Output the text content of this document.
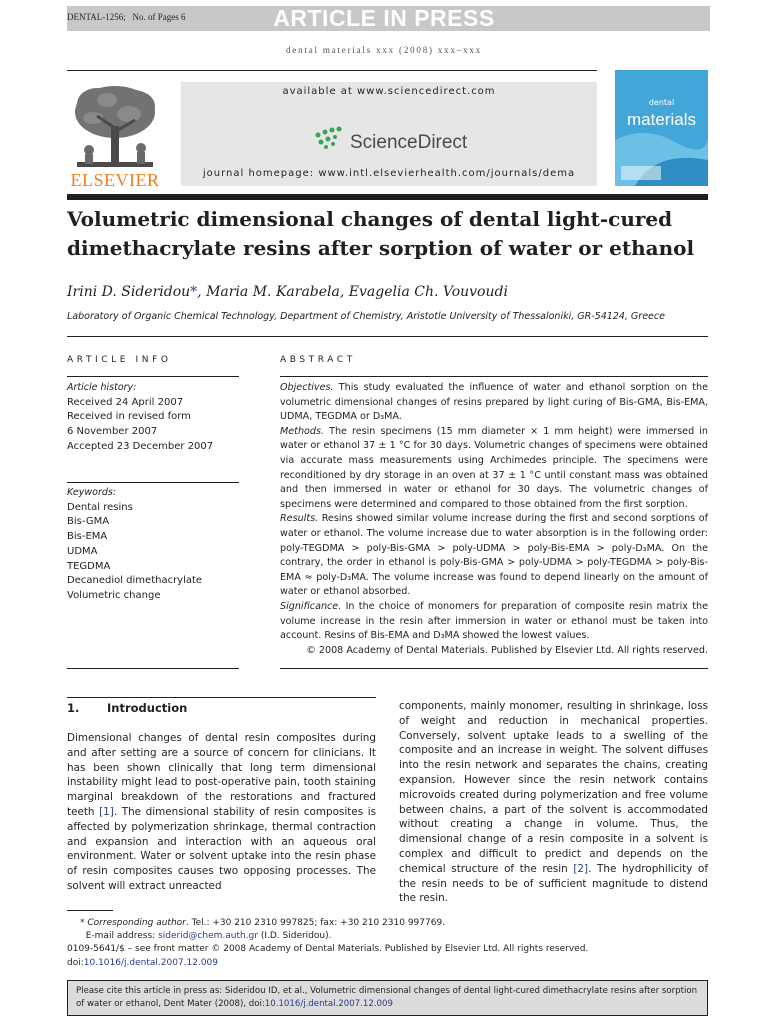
DENTAL-1256; No. of Pages 6	ARTICLE IN PRESS
dental materials xxx (2008) xxx–xxx
ELSEVIER
available at www.sciencedirect.com
ScienceDirect
journal homepage: www.intl.elsevierhealth.com/journals/dema
dental
materials
Volumetric dimensional changes of dental light-cured dimethacrylate resins after sorption of water or ethanol
Irini D. Sideridou*, Maria M. Karabela, Evagelia Ch. Vouvoudi
Laboratory of Organic Chemical Technology, Department of Chemistry, Aristotle University of Thessaloniki, GR-54124, Greece
ARTICLE INFO
Article history:
Received 24 April 2007
Received in revised form
6 November 2007
Accepted 23 December 2007
Keywords:
Dental resins
Bis-GMA
Bis-EMA
UDMA
TEGDMA
Decanediol dimethacrylate
Volumetric change
ABSTRACT

Objectives. This study evaluated the influence of water and ethanol sorption on the volumetric dimensional changes of resins prepared by light curing of Bis-GMA, Bis-EMA, UDMA, TEGDMA or D₃MA.

Methods. The resin specimens (15 mm diameter × 1 mm height) were immersed in water or ethanol 37 ± 1 °C for 30 days. Volumetric changes of specimens were obtained via accurate mass measurements using Archimedes principle. The specimens were reconditioned by dry storage in an oven at 37 ± 1 °C until constant mass was obtained and then immersed in water or ethanol for 30 days. The volumetric changes of specimens were determined and compared to those obtained from the first sorption.

Results. Resins showed similar volume increase during the first and second sorptions of water or ethanol. The volume increase due to water absorption is in the following order: poly-TEGDMA > poly-Bis-GMA > poly-UDMA > poly-Bis-EMA > poly-D₃MA. On the contrary, the order in ethanol is poly-Bis-GMA > poly-UDMA > poly-TEGDMA > poly-Bis-EMA ≈ poly-D₃MA. The volume increase was found to depend linearly on the amount of water or ethanol absorbed.

Significance. In the choice of monomers for preparation of composite resin matrix the volume increase in the resin after immersion in water or ethanol must be taken into account. Resins of Bis-EMA and D₃MA showed the lowest values.

© 2008 Academy of Dental Materials. Published by Elsevier Ltd. All rights reserved.

1. Introduction
Dimensional changes of dental resin composites during and after setting are a source of concern for clinicians. It has been shown clinically that long term dimensional instability might lead to post-operative pain, tooth staining marginal breakdown of the restorations and fractured teeth [1]. The dimensional stability of resin composites is affected by polymerization shrinkage, thermal contraction and expansion and interaction with an aqueous oral environment. Water or solvent uptake into the resin phase of resin composites causes two opposing processes. The solvent will extract unreacted
components, mainly monomer, resulting in shrinkage, loss of weight and reduction in mechanical properties. Conversely, solvent uptake leads to a swelling of the composite and an increase in weight. The solvent diffuses into the resin network and separates the chains, creating expansion. However since the resin network contains microvoids created during polymerization and free volume between chains, a part of the solvent is accommodated without creating a change in volume. Thus, the dimensional change of a resin composite in a solvent is complex and difficult to predict and depends on the chemical structure of the resin [2]. The hydrophilicity of the resin needs to be of sufficient magnitude to distend the resin.
* Corresponding author. Tel.: +30 210 2310 997825; fax: +30 210 2310 997769.
E-mail address: siderid@chem.auth.gr (I.D. Sideridou).
0109-5641/$ – see front matter © 2008 Academy of Dental Materials. Published by Elsevier Ltd. All rights reserved.
doi:10.1016/j.dental.2007.12.009
Please cite this article in press as: Sideridou ID, et al., Volumetric dimensional changes of dental light-cured dimethacrylate resins after sorption of water or ethanol, Dent Mater (2008), doi:10.1016/j.dental.2007.12.009
